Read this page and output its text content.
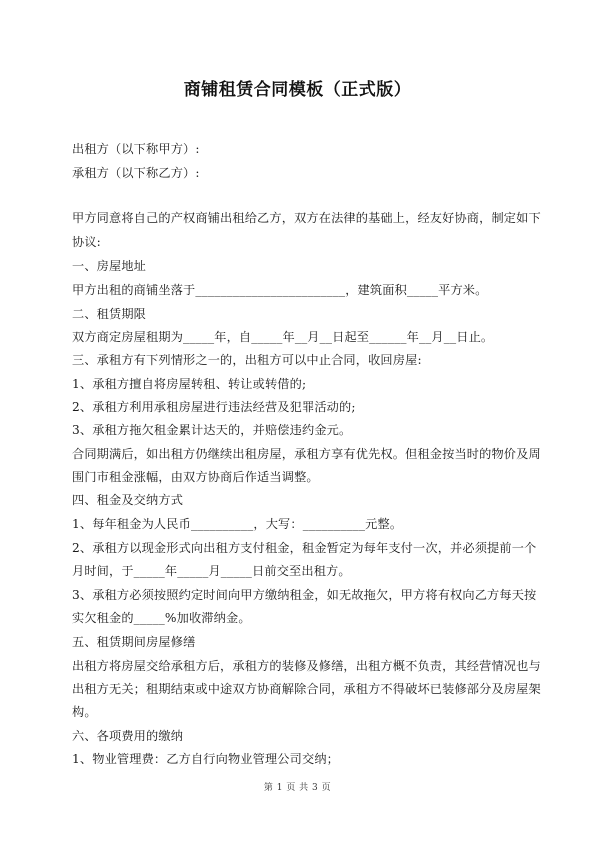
商铺租赁合同模板（正式版）
出租方（以下称甲方）:
承租方（以下称乙方）:
甲方同意将自己的产权商铺出租给乙方，双方在法律的基础上，经友好协商，制定如下
协议:
一、房屋地址
甲方出租的商铺坐落于________________________，建筑面积_____平方米。
二、租赁期限
双方商定房屋租期为_____年，自_____年__月__日起至______年__月__日止。
三、承租方有下列情形之一的，出租方可以中止合同，收回房屋:
1、承租方擅自将房屋转租、转让或转借的;
2、承租方利用承租房屋进行违法经营及犯罪活动的;
3、承租方拖欠租金累计达天的，并赔偿违约金元。
合同期满后，如出租方仍继续出租房屋，承租方享有优先权。但租金按当时的物价及周
围门市租金涨幅，由双方协商后作适当调整。
四、租金及交纳方式
1、每年租金为人民币__________，大写：__________元整。
2、承租方以现金形式向出租方支付租金，租金暂定为每年支付一次，并必须提前一个
月时间，于_____年_____月_____日前交至出租方。
3、承租方必须按照约定时间向甲方缴纳租金，如无故拖欠，甲方将有权向乙方每天按
实欠租金的_____%加收滞纳金。
五、租赁期间房屋修缮
出租方将房屋交给承租方后，承租方的装修及修缮，出租方概不负责，其经营情况也与
出租方无关；租期结束或中途双方协商解除合同，承租方不得破坏已装修部分及房屋架
构。
六、各项费用的缴纳
1、物业管理费：乙方自行向物业管理公司交纳；
第 1 页 共 3 页
